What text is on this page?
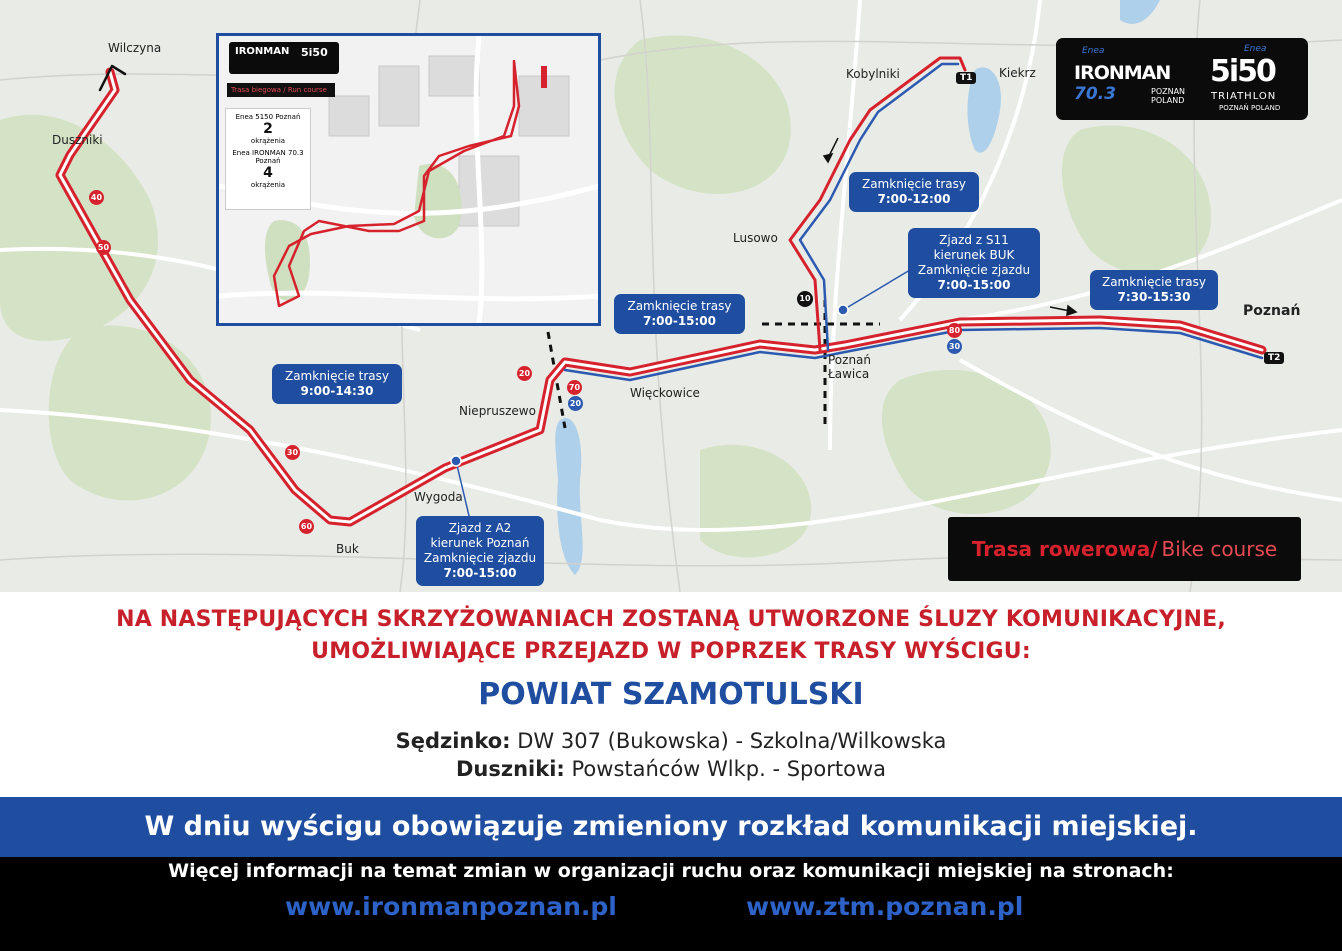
Wilczyna
Duszniki
Kobylniki	Kiekrz
Lusowo
Poznań
Poznań
Ławica
Więckowice
Niepruszewo
Wygoda
Buk
T1
T2
10
40
50
30
60
20
70
20
80
30
Zamknięcie trasy
7:00-12:00
Zjazd z S11
kierunek BUK
Zamknięcie zjazdu
7:00-15:00	Zamknięcie trasy
7:30-15:30
Zamknięcie trasy
7:00-15:00
Zamknięcie trasy
9:00-14:30
Zjazd z A2
kierunek Poznań
Zamknięcie zjazdu
7:00-15:00
IRONMAN 5i50
Trasa biegowa / Run course
Enea 5150 Poznań
2
okrążenia
Enea IRONMAN 70.3 Poznań
4
okrążenia
Enea
IRONMAN
70.3	POZNAN
POLAND
Enea
5i50
TRIATHLON
POZNAŃ POLAND
Trasa rowerowa/ Bike course
NA NASTĘPUJĄCYCH SKRZYŻOWANIACH ZOSTANĄ UTWORZONE ŚLUZY KOMUNIKACYJNE,
UMOŻLIWIAJĄCE PRZEJAZD W POPRZEK TRASY WYŚCIGU:
POWIAT SZAMOTULSKI
Sędzinko: DW 307 (Bukowska) - Szkolna/Wilkowska
Duszniki: Powstańców Wlkp. - Sportowa
W dniu wyścigu obowiązuje zmieniony rozkład komunikacji miejskiej.
Więcej informacji na temat zmian w organizacji ruchu oraz komunikacji miejskiej na stronach:
www.ironmanpoznan.pl	www.ztm.poznan.pl
